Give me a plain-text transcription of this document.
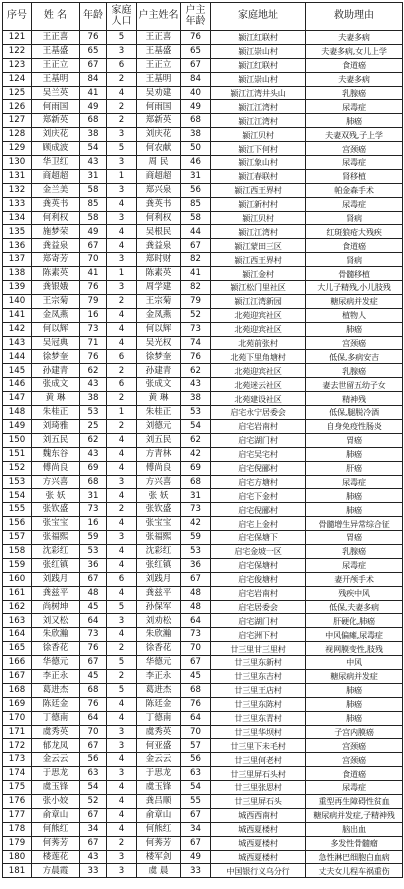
序号	姓 名	年龄	家庭人口	户主姓名	户主年龄	家庭地址	救助理由
121	王正喜	76	5	王正喜	76	颍江红联村	夫妻多病
122	王基盛	65	3	王基盛	65	颍江崇山村	夫妻多病,女儿上学
123	王正立	67	6	王正立	67	颍江红联村	食道癌
124	王基明	84	2	王基明	84	颍江崇山村	夫妻多病
125	吴兰英	41	4	吴劝建	40	颍江江湾井头山	乳腺癌
126	何雨国	49	2	何雨国	49	颍江江湾村	尿毒症
127	郑新英	68	2	郑新英	68	颍江江湾村	肺癌
128	刘庆花	38	3	刘庆花	38	颍江贝村	夫妻双残,子上学
129	顾成波	54	5	何农献	50	颍江下何村	宫颈癌
130	华卫红	43	3	周 民	46	颍江象山村	尿毒症
131	商超超	31	1	商超超	31	颍江春联村	肾移植
132	金兰美	58	3	郑兴泉	56	颍江西王界村	帕金森手术
133	龚英书	85	4	龚英书	85	颍江新村村	尿毒症
134	何利权	58	3	何利权	58	颍江贝村	肾病
135	施梦荣	49	4	吴根民	44	颍江江湾村	红斑狼疮大残疾
136	龚益泉	67	4	龚益泉	67	颍江蒙田三区	食道癌
137	郑寄芳	70	3	郑时财	82	颍江西王界村	肾病
138	陈素英	41	1	陈素英	41	颍江金村	骨髓移植
139	龚银娥	76	3	周学建	82	颍江松门里社区	大儿子精残,小儿肢残
140	王宗菊	79	2	王宗菊	79	颍江江湾新园	糖尿病并发症
141	金凤燕	16	4	金凤燕	52	北苑迎宾社区	植物人
142	何以辉	73	4	何以辉	73	北苑迎宾社区	肺癌
143	吴冠典	71	4	吴光权	74	北苑前张村	宫颈癌
144	徐梦奎	76	6	徐梦奎	76	北苑下里角塘村	低保,多病安吉
145	孙建青	62	2	孙建青	62	北苑迎宾社区	乳腺癌
146	张成文	43	6	张成文	43	北苑迷云社区	妻去世留五幼子女
147	黄 琳	38	2	黄 琳	38	北苑建设社区	精神残
148	朱桂正	53	1	朱桂正	53	启宅永宁居委会	低保,腿脱冷酒
149	刘琦雅	25	2	刘德元	54	启宅岩南村	自身免疫性肠炎
150	刘五民	62	4	刘五民	62	启宅湖门村	胃癌
151	魏东谷	43	4	方青林	42	启宅吴宅村	肺癌
152	傅尚良	69	4	傅尚良	69	启宅倪郦村	肝癌
153	方兴喜	68	3	方兴喜	68	启宅方塘村	尿毒症
154	张 妖	31	4	张 妖	31	启宅下金村	肺癌
155	张钦盛	73	2	张钦盛	73	启宅倪郦村	肺癌
156	张宝宝	16	4	张宝宝	42	启宅上金村	骨髓增生异常综合征
157	张福熙	59	3	张福熙	59	启宅保塘下	胃癌
158	沈彩红	53	4	沈彩红	53	启宅金坡一区	乳腺癌
159	张红镇	36	4	张红镇	36	启宅保塘村	尿毒症
160	刘践月	67	6	刘践月	67	启宅俊塘村	妻开颅手术
161	龚兹平	48	4	龚兹平	48	启宅岩南村	残疾中风
162	尚树坤	45	5	孙保军	48	启宅居委会	低保,夫妻多病
163	刘又松	64	3	刘劝松	64	启宅湖门村	肝硬化,肺癌
164	朱欣瀚	73	4	朱欣瀚	73	启宅洲下村	中风偏瘫,尿毒症
165	徐香花	76	2	徐香花	70	廿三里甘三里村	视网膜变性,肢残
166	华德元	67	5	华德元	67	廿三里东新村	中风
167	李正永	45	2	李正永	45	廿三里东吉村	糖尿病并发症
168	葛进杰	68	5	葛进杰	68	廿三里王店村	肺癌
169	陈廷金	76	4	陈廷金	76	廿三里东陈村	肺癌
170	丁德南	64	4	丁德南	64	廿三里东青村	肺癌
171	虞秀英	70	3	虞秀英	70	廿三里华坝村	子宫内膜癌
172	郁龙凤	67	3	何亚盛	57	廿三里下未毛村	宫颈癌
173	金云云	56	4	金云云	56	廿三里何老村	宫颈癌
174	于思龙	63	3	于思龙	63	廿三里屏石头村	食道癌
175	虞玉锋	54	4	虞玉锋	54	廿三里张思村	尿毒症
176	张小姣	52	4	龚吕顺	55	廿三里屏石头	重型再生障碍性贫血
177	俞章山	67	4	俞章山	67	城西西南村	糖尿病并发症,子精神残
178	何熊红	34	4	何熊红	34	城西夏楼村	脑出血
179	何莠芳	67	2	何莠芳	67	城西夏楼村	多发性骨髓瘤
180	楼莲花	43	3	楼军剑	49	城西夏楼村	急性淋巴细胞白血病
181	方晨霞	33	3	虞 晨	33	中国银行义乌分行	丈夫女儿程车祸重伤
